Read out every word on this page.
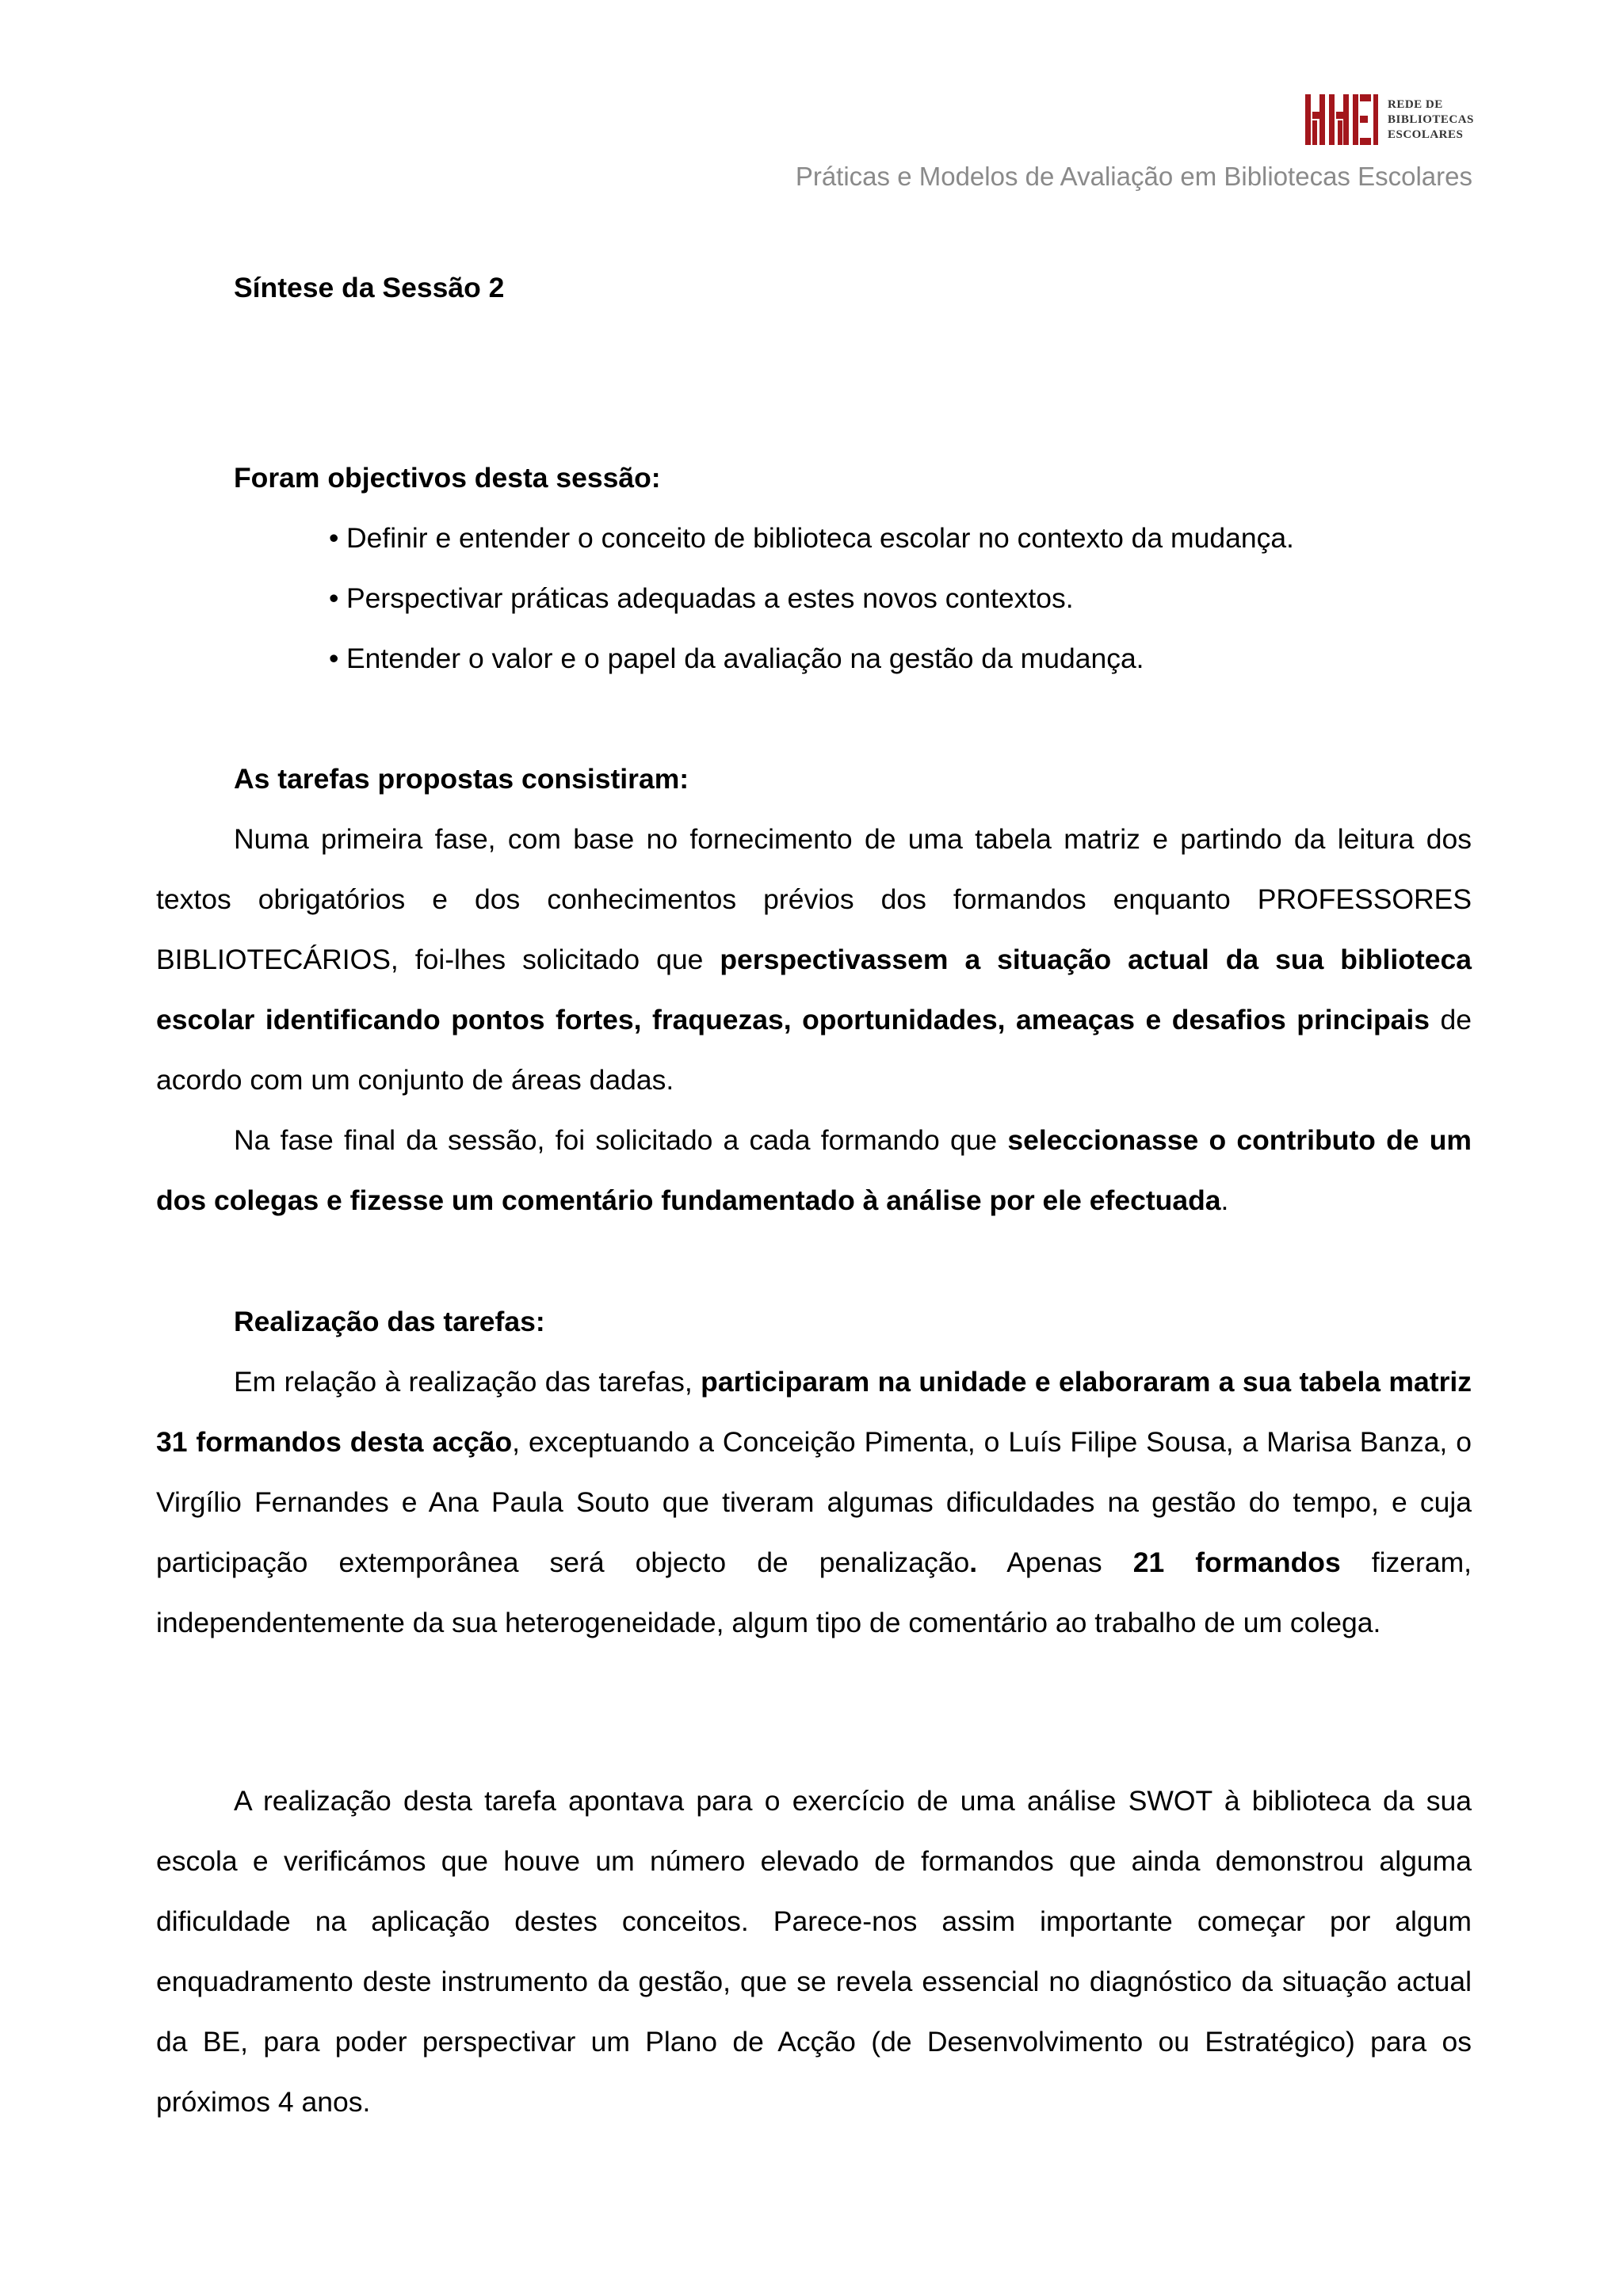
REDE DE
BIBLIOTECAS
ESCOLARES
Práticas e Modelos de Avaliação em Bibliotecas Escolares
Síntese da Sessão 2

Foram objectivos desta sessão:

• Definir e entender o conceito de biblioteca escolar no contexto da mudança.
• Perspectivar práticas adequadas a estes novos contextos.
• Entender o valor e o papel da avaliação na gestão da mudança.

As tarefas propostas consistiram:

Numa primeira fase, com base no fornecimento de uma tabela matriz e partindo da leitura dos textos obrigatórios e dos conhecimentos prévios dos formandos enquanto PROFESSORES BIBLIOTECÁRIOS, foi-lhes solicitado que perspectivassem a situação actual da sua biblioteca escolar identificando pontos fortes, fraquezas, oportunidades, ameaças e desafios principais de acordo com um conjunto de áreas dadas.

Na fase final da sessão, foi solicitado a cada formando que seleccionasse o contributo de um dos colegas e fizesse um comentário fundamentado à análise por ele efectuada.

Realização das tarefas:

Em relação à realização das tarefas, participaram na unidade e elaboraram a sua tabela matriz 31 formandos desta acção, exceptuando a Conceição Pimenta, o Luís Filipe Sousa, a Marisa Banza, o Virgílio Fernandes e Ana Paula Souto que tiveram algumas dificuldades na gestão do tempo, e cuja participação extemporânea será objecto de penalização. Apenas 21 formandos fizeram, independentemente da sua heterogeneidade, algum tipo de comentário ao trabalho de um colega.

A realização desta tarefa apontava para o exercício de uma análise SWOT à biblioteca da sua escola e verificámos que houve um número elevado de formandos que ainda demonstrou alguma dificuldade na aplicação destes conceitos. Parece-nos assim importante começar por algum enquadramento deste instrumento da gestão, que se revela essencial no diagnóstico da situação actual da BE, para poder perspectivar um Plano de Acção (de Desenvolvimento ou Estratégico) para os próximos 4 anos.
